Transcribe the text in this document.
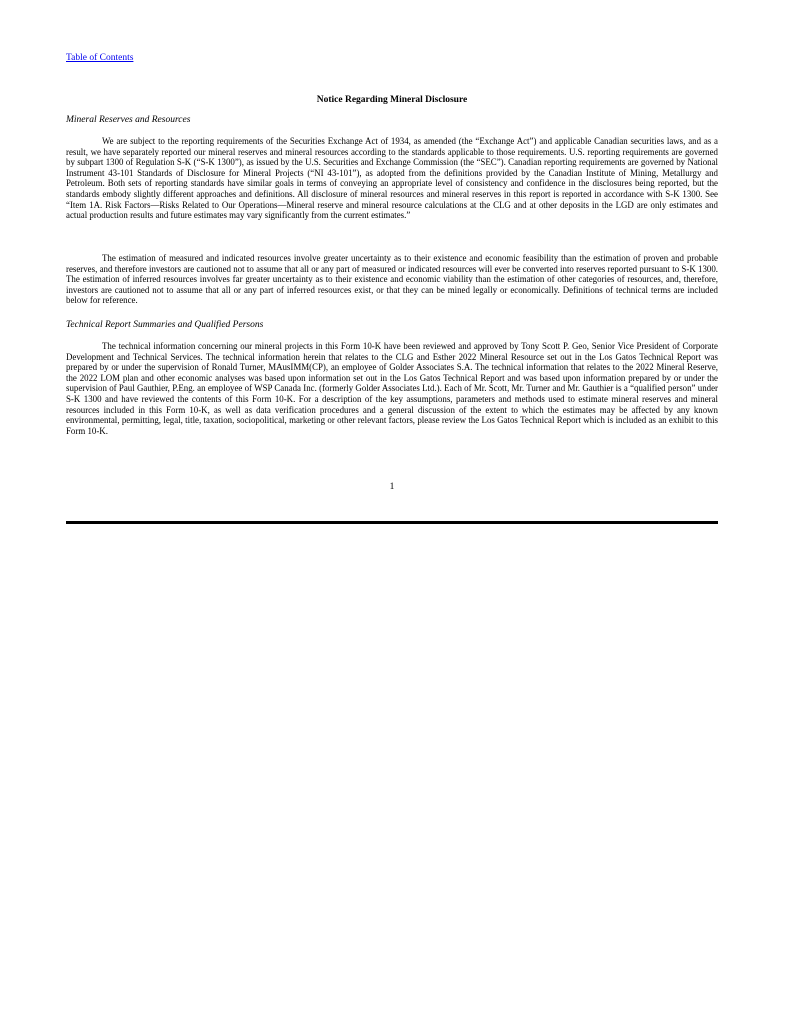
Table of Contents
Notice Regarding Mineral Disclosure
Mineral Reserves and Resources

We are subject to the reporting requirements of the Securities Exchange Act of 1934, as amended (the “Exchange Act”) and applicable Canadian securities laws, and as a result, we have separately reported our mineral reserves and mineral resources according to the standards applicable to those requirements. U.S. reporting requirements are governed by subpart 1300 of Regulation S-K (“S-K 1300”), as issued by the U.S. Securities and Exchange Commission (the “SEC”). Canadian reporting requirements are governed by National Instrument 43-101 Standards of Disclosure for Mineral Projects (“NI 43-101”), as adopted from the definitions provided by the Canadian Institute of Mining, Metallurgy and Petroleum. Both sets of reporting standards have similar goals in terms of conveying an appropriate level of consistency and confidence in the disclosures being reported, but the standards embody slightly different approaches and definitions. All disclosure of mineral resources and mineral reserves in this report is reported in accordance with S-K 1300. See “Item 1A. Risk Factors—Risks Related to Our Operations—Mineral reserve and mineral resource calculations at the CLG and at other deposits in the LGD are only estimates and actual production results and future estimates may vary significantly from the current estimates.”

The estimation of measured and indicated resources involve greater uncertainty as to their existence and economic feasibility than the estimation of proven and probable reserves, and therefore investors are cautioned not to assume that all or any part of measured or indicated resources will ever be converted into reserves reported pursuant to S-K 1300. The estimation of inferred resources involves far greater uncertainty as to their existence and economic viability than the estimation of other categories of resources, and, therefore, investors are cautioned not to assume that all or any part of inferred resources exist, or that they can be mined legally or economically. Definitions of technical terms are included below for reference.

Technical Report Summaries and Qualified Persons

The technical information concerning our mineral projects in this Form 10-K have been reviewed and approved by Tony Scott P. Geo, Senior Vice President of Corporate Development and Technical Services. The technical information herein that relates to the CLG and Esther 2022 Mineral Resource set out in the Los Gatos Technical Report was prepared by or under the supervision of Ronald Turner, MAusIMM(CP), an employee of Golder Associates S.A. The technical information that relates to the 2022 Mineral Reserve, the 2022 LOM plan and other economic analyses was based upon information set out in the Los Gatos Technical Report and was based upon information prepared by or under the supervision of Paul Gauthier, P.Eng. an employee of WSP Canada Inc. (formerly Golder Associates Ltd.). Each of Mr. Scott, Mr. Turner and Mr. Gauthier is a “qualified person” under S-K 1300 and have reviewed the contents of this Form 10-K. For a description of the key assumptions, parameters and methods used to estimate mineral reserves and mineral resources included in this Form 10-K, as well as data verification procedures and a general discussion of the extent to which the estimates may be affected by any known environmental, permitting, legal, title, taxation, sociopolitical, marketing or other relevant factors, please review the Los Gatos Technical Report which is included as an exhibit to this Form 10-K.

1
